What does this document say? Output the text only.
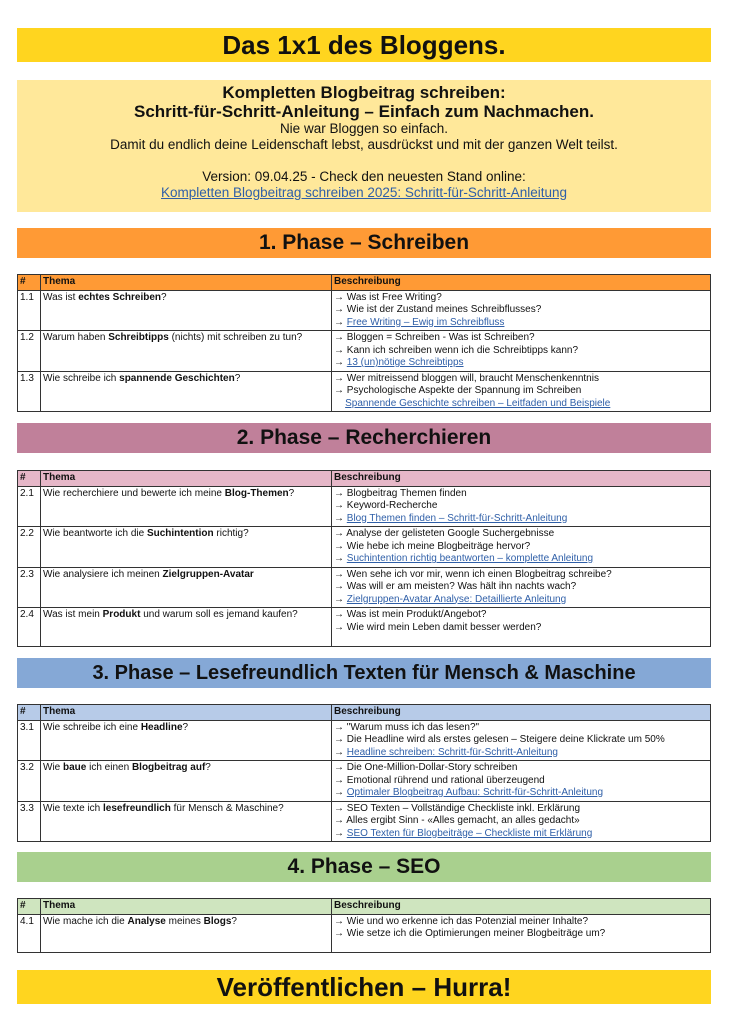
Das 1x1 des Bloggens.
Kompletten Blogbeitrag schreiben:
Schritt-für-Schritt-Anleitung – Einfach zum Nachmachen.
Nie war Bloggen so einfach.
Damit du endlich deine Leidenschaft lebst, ausdrückst und mit der ganzen Welt teilst.
Version: 09.04.25 - Check den neuesten Stand online:
Kompletten Blogbeitrag schreiben 2025: Schritt-für-Schritt-Anleitung
1. Phase – Schreiben
#	Thema	Beschreibung
1.1	Was ist echtes Schreiben?	→ Was ist Free Writing?
→ Wie ist der Zustand meines Schreibflusses?
→ Free Writing – Ewig im Schreibfluss

1.2	Warum haben Schreibtipps (nichts) mit schreiben zu tun?	→ Bloggen = Schreiben - Was ist Schreiben?
→ Kann ich schreiben wenn ich die Schreibtipps kann?
→ 13 (un)nötige Schreibtipps

1.3	Wie schreibe ich spannende Geschichten?	→ Wer mitreissend bloggen will, braucht Menschenkenntnis
→ Psychologische Aspekte der Spannung im Schreiben
Spannende Geschichte schreiben – Leitfaden und Beispiele
2. Phase – Recherchieren
#	Thema	Beschreibung
2.1	Wie recherchiere und bewerte ich meine Blog-Themen?	→ Blogbeitrag Themen finden
→ Keyword-Recherche
→ Blog Themen finden – Schritt-für-Schritt-Anleitung

2.2	Wie beantworte ich die Suchintention richtig?	→ Analyse der gelisteten Google Suchergebnisse
→ Wie hebe ich meine Blogbeiträge hervor?
→ Suchintention richtig beantworten – komplette Anleitung

2.3	Wie analysiere ich meinen Zielgruppen-Avatar	→ Wen sehe ich vor mir, wenn ich einen Blogbeitrag schreibe?
→ Was will er am meisten? Was hält ihn nachts wach?
→ Zielgruppen-Avatar Analyse: Detaillierte Anleitung

2.4	Was ist mein Produkt und warum soll es jemand kaufen?	→ Was ist mein Produkt/Angebot?
→ Wie wird mein Leben damit besser werden?
3. Phase – Lesefreundlich Texten für Mensch & Maschine
#	Thema	Beschreibung
3.1	Wie schreibe ich eine Headline?	→ "Warum muss ich das lesen?"
→ Die Headline wird als erstes gelesen – Steigere deine Klickrate um 50%
→ Headline schreiben: Schritt-für-Schritt-Anleitung

3.2	Wie baue ich einen Blogbeitrag auf?	→ Die One-Million-Dollar-Story schreiben
→ Emotional rührend und rational überzeugend
→ Optimaler Blogbeitrag Aufbau: Schritt-für-Schritt-Anleitung

3.3	Wie texte ich lesefreundlich für Mensch & Maschine?	→ SEO Texten – Vollständige Checkliste inkl. Erklärung
→ Alles ergibt Sinn - «Alles gemacht, an alles gedacht»
→ SEO Texten für Blogbeiträge – Checkliste mit Erklärung
4. Phase – SEO
#	Thema	Beschreibung
4.1	Wie mache ich die Analyse meines Blogs?	→ Wie und wo erkenne ich das Potenzial meiner Inhalte?
→ Wie setze ich die Optimierungen meiner Blogbeiträge um?
Veröffentlichen – Hurra!
